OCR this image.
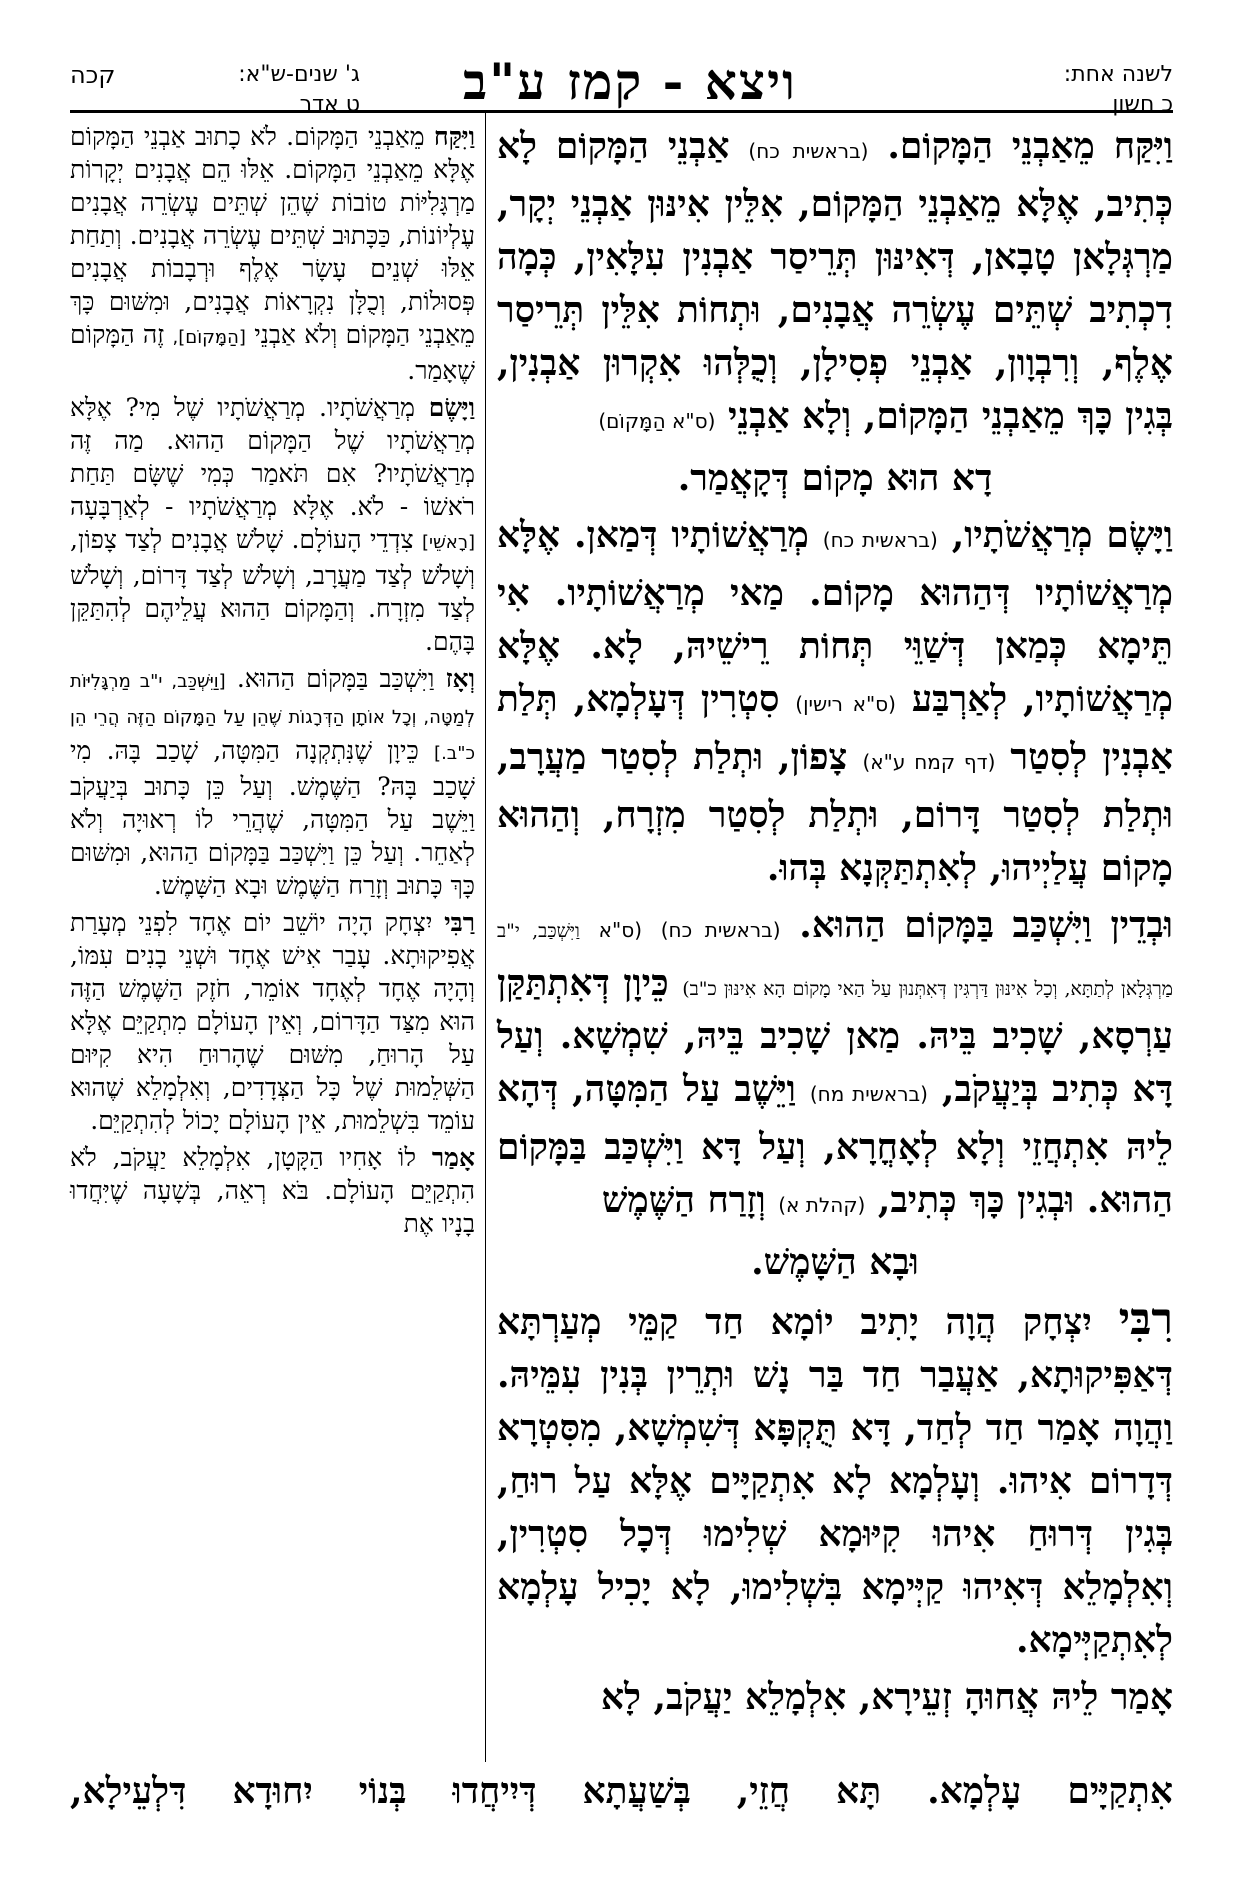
לשנה אחת:
כ חשון
ויצא - קמז ע"ב
ג' שנים-ש"א:
ט אדר
קכה

וַיִּקַּח מֵאַבְנֵי הַמָּקוֹם. (בראשית כח) אַבְנֵי הַמָּקוֹם לָא כְּתִיב, אֶלָּא מֵאַבְנֵי הַמָּקוֹם, אִלֵּין אִינּוּן אַבְנֵי יְקָר, מַרְגְּלָאן טָבָאן, דְּאִינּוּן תְּרֵיסַר אַבְנִין עִלָּאִין, כְּמָה דִכְתִיב שְׁתֵּים עֶשְׂרֵה אֲבָנִים, וּתְחוֹת אִלֵּין תְּרֵיסַר אֶלֶף, וְרִבְוָון, אַבְנֵי פְסִילָן, וְכֻלְּהוּ אִקְרוּן אַבְנִין, בְּגִין כָּךְ מֵאַבְנֵי הַמָּקוֹם, וְלָא אַבְנֵי (ס"א הַמָּקוֹם)

דָא הוּא מָקוֹם דְּקָאֲמַר.

וַיָּשֶׂם מְרַאֲשֹׁתָיו, (בראשית כח) מְרַאֲשׁוֹתָיו דְּמַאן. אֶלָּא מְרַאֲשׁוֹתָיו דְּהַהוּא מָקוֹם. מַאי מְרַאֲשׁוֹתָיו. אִי תֵּימָא כְּמַאן דְּשַׁוֵּי תְּחוֹת רֵישֵׁיהּ, לָא. אֶלָּא מְרַאֲשׁוֹתָיו, לְאַרְבַּע (ס"א רישין) סִטְרִין דְּעָלְמָא, תְּלַת אַבְנִין לְסִטַר (דף קמח ע"א) צָפוֹן, וּתְלַת לְסִטַר מַעֲרָב, וּתְלַת לְסִטַר דָּרוֹם, וּתְלַת לְסִטַר מִזְרָח, וְהַהוּא מָקוֹם עֲלַיְיהוּ, לְאִתְתַּקְּנָא בְּהוּ.

וּבְדֵין וַיִּשְׁכַּב בַּמָּקוֹם הַהוּא. (בראשית כח) (ס"א וַיִּשְׁכַּב, י"ב מַרְגְּלָאן לְתַתָּא, וְכָל אִינּוּן דַּרְגִּין דְּאִתְּנוּן עַל הַאי מָקוֹם הָא אִינּוּן כ"ב) כֵּיוָן דְּאִתְתַּקַּן עַרְסָא, שָׁכִיב בֵּיהּ. מַאן שָׁכִיב בֵּיהּ, שִׁמְשָׁא. וְעַל דָּא כְּתִיב בְּיַעֲקֹב, (בראשית מח) וַיֵּשֶׁב עַל הַמִּטָּה, דְּהָא לֵיהּ אִתְחֲזֵי וְלָא לְאָחֳרָא, וְעַל דָּא וַיִּשְׁכַּב בַּמָּקוֹם הַהוּא. וּבְגִין כָּךְ כְּתִיב, (קהלת א) וְזָרַח הַשֶּׁמֶשׁ

וּבָא הַשָּׁמֶשׁ.

רִבִּי יִצְחָק הֲוָה יָתִיב יוֹמָא חַד קַמֵּי מְעַרְתָּא דְּאַפִּיקוּתָא, אַעֲבַר חַד בַּר נָשׁ וּתְרֵין בְּנִין עִמֵּיהּ. וַהֲוָה אָמַר חַד לְחַד, דָּא תֻּקְפָּא דְּשִׁמְשָׁא, מִסִּטְרָא דְּדָרוֹם אִיהוּ. וְעָלְמָא לָא אִתְקַיָּים אֶלָּא עַל רוּחַ, בְּגִין דְּרוּחַ אִיהוּ קִיּוּמָא שְׁלִימוּ דְּכָל סִטְרִין, וְאִלְמָלֵא דְּאִיהוּ קַיְּימָא בִּשְׁלִימוּ, לָא יָכִיל עָלְמָא לְאִתְקַיְּימָא.

אָמַר לֵיהּ אֲחוּהָ זְעֵירָא, אִלְמָלֵא יַעֲקֹב, לָא

וַיִּקַּח מֵאַבְנֵי הַמָּקוֹם. לֹא כָתוּב אַבְנֵי הַמָּקוֹם אֶלָּא מֵאַבְנֵי הַמָּקוֹם. אֵלּוּ הֵם אֲבָנִים יְקָרוֹת מַרְגָּלִיּוֹת טוֹבוֹת שֶׁהֵן שְׁתֵּים עֶשְׂרֵה אֲבָנִים עֶלְיוֹנוֹת, כַּכָּתוּב שְׁתֵּים עֶשְׂרֵה אֲבָנִים. וְתַחַת אֵלּוּ שְׁנֵים עָשָׂר אֶלֶף וּרְבָבוֹת אֲבָנִים פְּסוּלוֹת, וְכֻלָּן נִקְרָאוֹת אֲבָנִים, וּמִשּׁוּם כָּךְ מֵאַבְנֵי הַמָּקוֹם וְלֹא אַבְנֵי [הַמָּקוֹם], זֶה הַמָּקוֹם שֶׁאָמַר.

וַיָּשֶׂם מְרַאֲשֹׁתָיו. מְרַאֲשֹׁתָיו שֶׁל מִי? אֶלָּא מְרַאֲשֹׁתָיו שֶׁל הַמָּקוֹם הַהוּא. מַה זֶּה מְרַאֲשֹׁתָיו? אִם תֹּאמַר כְּמִי שֶׁשָּׂם תַּחַת רֹאשׁוֹ - לֹא. אֶלָּא מְרַאֲשֹׁתָיו - לְאַרְבָּעָה [רָאשֵׁי] צִדְדֵי הָעוֹלָם. שָׁלֹשׁ אֲבָנִים לְצַד צָפוֹן, וְשָׁלֹשׁ לְצַד מַעֲרָב, וְשָׁלֹשׁ לְצַד דָּרוֹם, וְשָׁלֹשׁ לְצַד מִזְרָח. וְהַמָּקוֹם הַהוּא עֲלֵיהֶם לְהִתַּקֵּן בָּהֶם.

וְאָז וַיִּשְׁכַּב בַּמָּקוֹם הַהוּא. [וַיִּשְׁכַּב, י"ב מַרְגָּלִיּוֹת לְמַטָּה, וְכָל אוֹתָן הַדְּרָגוֹת שֶׁהֵן עַל הַמָּקוֹם הַזֶּה הֲרֵי הֵן כ"ב.] כֵּיוָן שֶׁנִּתְקְנָה הַמִּטָּה, שָׁכַב בָּהּ. מִי שָׁכַב בָּהּ? הַשֶּׁמֶשׁ. וְעַל כֵּן כָּתוּב בְּיַעֲקֹב וַיֵּשֶׁב עַל הַמִּטָּה, שֶׁהֲרֵי לוֹ רְאוּיָה וְלֹא לְאַחֵר. וְעַל כֵּן וַיִּשְׁכַּב בַּמָּקוֹם הַהוּא, וּמִשּׁוּם כָּךְ כָּתוּב וְזָרַח הַשֶּׁמֶשׁ וּבָא הַשָּׁמֶשׁ.

רַבִּי יִצְחָק הָיָה יוֹשֵׁב יוֹם אֶחָד לִפְנֵי מְעָרַת אֲפִיקוּתָא. עָבַר אִישׁ אֶחָד וּשְׁנֵי בָנִים עִמּוֹ, וְהָיָה אֶחָד לְאֶחָד אוֹמֵר, חֹזֶק הַשֶּׁמֶשׁ הַזֶּה הוּא מִצַּד הַדָּרוֹם, וְאֵין הָעוֹלָם מִתְקַיֵּם אֶלָּא עַל הָרוּחַ, מִשּׁוּם שֶׁהָרוּחַ הִיא קִיּוּם הַשְּׁלֵמוּת שֶׁל כָּל הַצְּדָדִים, וְאִלְמָלֵא שֶׁהוּא עוֹמֵד בִּשְׁלֵמוּת, אֵין הָעוֹלָם יָכוֹל לְהִתְקַיֵּם.

אָמַר לוֹ אָחִיו הַקָּטָן, אִלְמָלֵא יַעֲקֹב, לֹא הִתְקַיֵּם הָעוֹלָם. בֹּא רְאֵה, בְּשָׁעָה שֶׁיִּחֲדוּ בָנָיו אֶת

אִתְקַיָּים עָלְמָא. תָּא חֲזֵי, בְּשַׁעֲתָא דְּיִיחֲדוּ בְּנוֹי יִחוּדָא דִּלְעֵילָא,
